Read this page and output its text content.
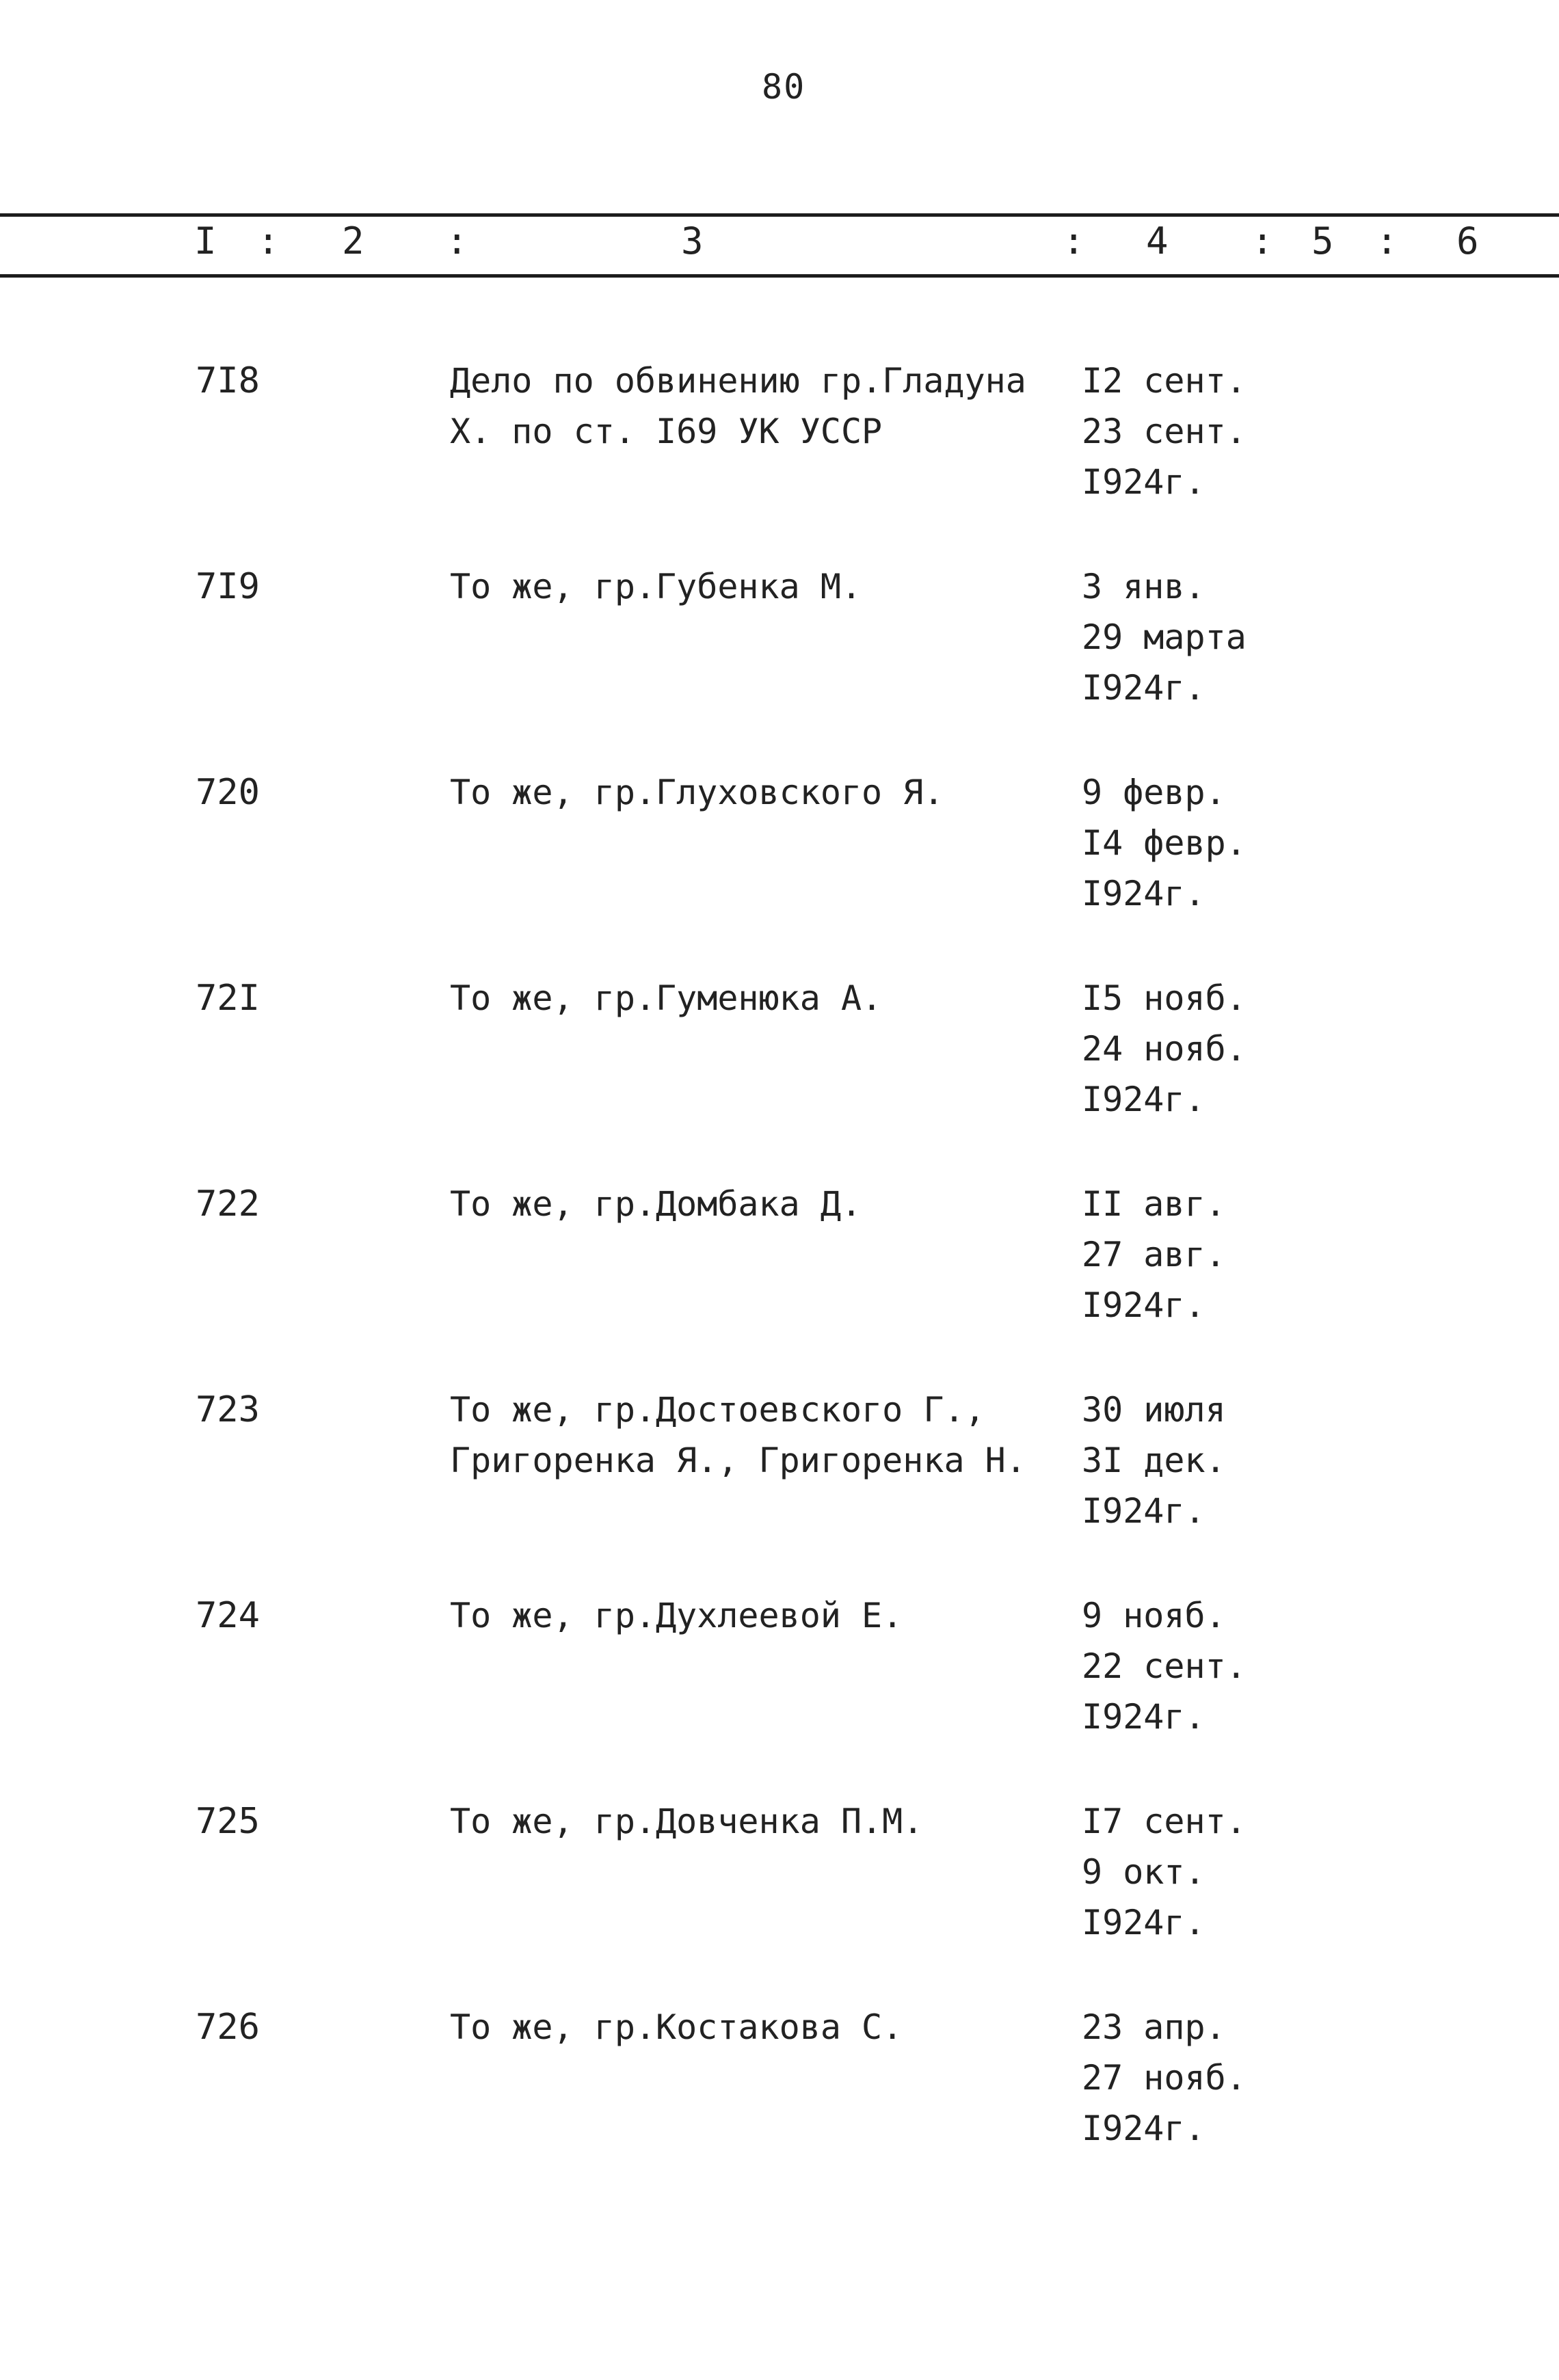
80
I : 2 :	3	: 4 : 5 : 6
7I8	Дело по обвинению гр.Гладуна
Х. по ст. I69 УК УССР
I2 сент.
23 сент.
I924г.
7I9	То же, гр.Губенка М.	3 янв.
29 марта
I924г.
720	То же, гр.Глуховского Я.	9 февр.
I4 февр.
I924г.
72I	То же, гр.Гуменюка А.	I5 нояб.
24 нояб.
I924г.
722	То же, гр.Домбака Д.	II авг.
27 авг.
I924г.
723	То же, гр.Достоевского Г.,
Григоренка Я., Григоренка Н.
30 июля
3I дек.
I924г.
724	То же, гр.Духлеевой Е.	9 нояб.
22 сент.
I924г.
725	То же, гр.Довченка П.М.	I7 сент.
9 окт.
I924г.
726	То же, гр.Костакова С.	23 апр.
27 нояб.
I924г.
